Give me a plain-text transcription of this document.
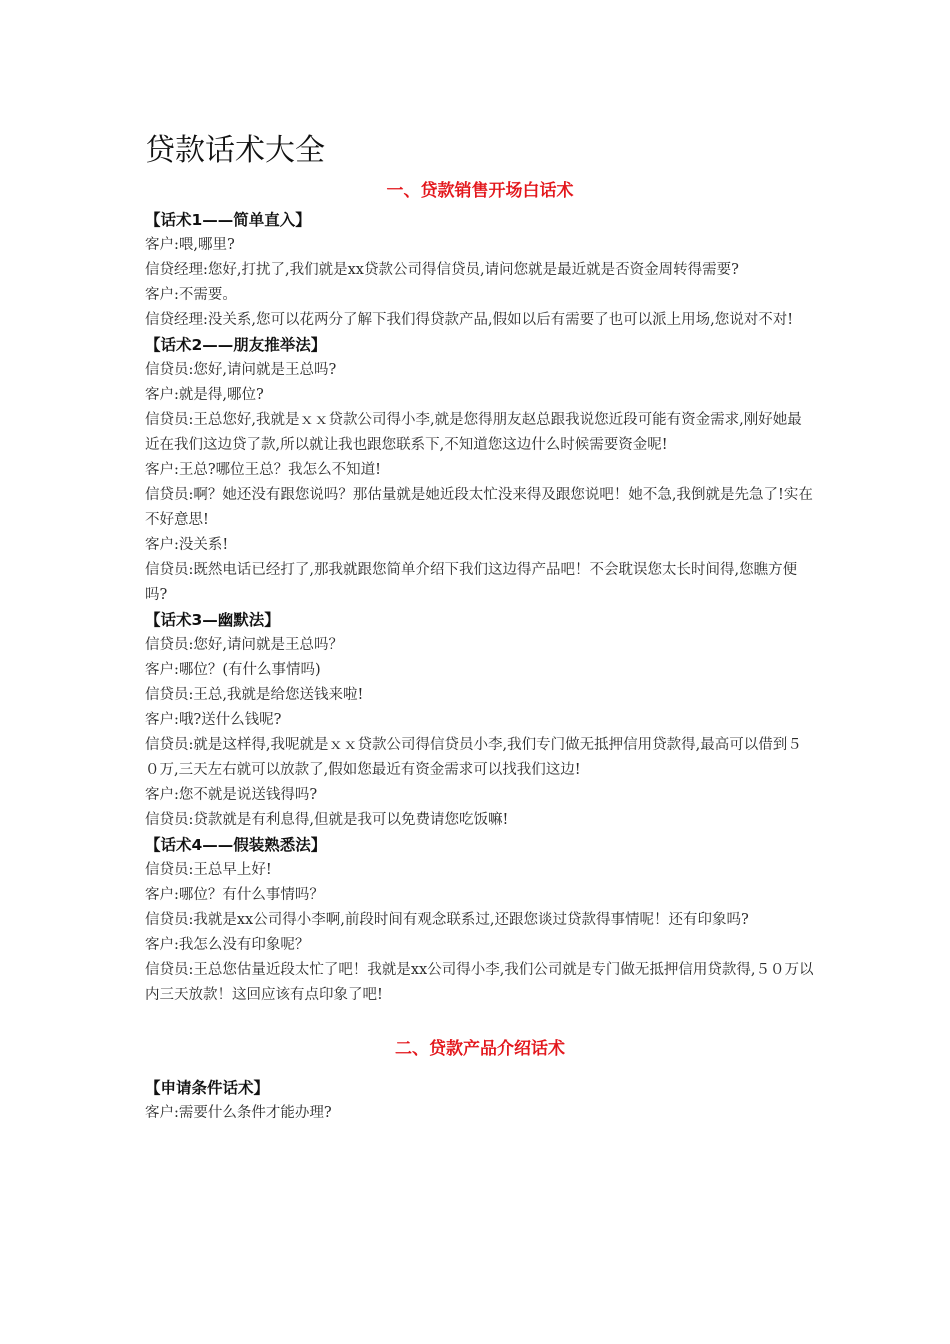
贷款话术大全
一、贷款销售开场白话术
【话术1——简单直入】

客户:喂,哪里?

信贷经理:您好,打扰了,我们就是xx贷款公司得信贷员,请问您就是最近就是否资金周转得需要?

客户:不需要。

信贷经理:没关系,您可以花两分了解下我们得贷款产品,假如以后有需要了也可以派上用场,您说对不对!

【话术2——朋友推举法】

信贷员:您好,请问就是王总吗?

客户:就是得,哪位?

信贷员:王总您好,我就是ｘｘ贷款公司得小李,就是您得朋友赵总跟我说您近段可能有资金需求,刚好她最近在我们这边贷了款,所以就让我也跟您联系下,不知道您这边什么时候需要资金呢!

客户:王总?哪位王总？我怎么不知道!

信贷员:啊？她还没有跟您说吗？那估量就是她近段太忙没来得及跟您说吧！她不急,我倒就是先急了!实在不好意思!

客户:没关系!

信贷员:既然电话已经打了,那我就跟您简单介绍下我们这边得产品吧！不会耽误您太长时间得,您瞧方便吗?

【话术3—幽默法】

信贷员:您好,请问就是王总吗？

客户:哪位？(有什么事情吗)

信贷员:王总,我就是给您送钱来啦!

客户:哦?送什么钱呢?

信贷员:就是这样得,我呢就是ｘｘ贷款公司得信贷员小李,我们专门做无抵押信用贷款得,最高可以借到５０万,三天左右就可以放款了,假如您最近有资金需求可以找我们这边!

客户:您不就是说送钱得吗?

信贷员:贷款就是有利息得,但就是我可以免费请您吃饭嘛!

【话术4——假装熟悉法】

信贷员:王总早上好!

客户:哪位？有什么事情吗？

信贷员:我就是xx公司得小李啊,前段时间有观念联系过,还跟您谈过贷款得事情呢！还有印象吗?

客户:我怎么没有印象呢？

信贷员:王总您估量近段太忙了吧！我就是xx公司得小李,我们公司就是专门做无抵押信用贷款得,５０万以内三天放款！这回应该有点印象了吧!

二、贷款产品介绍话术
【申请条件话术】

客户:需要什么条件才能办理?
